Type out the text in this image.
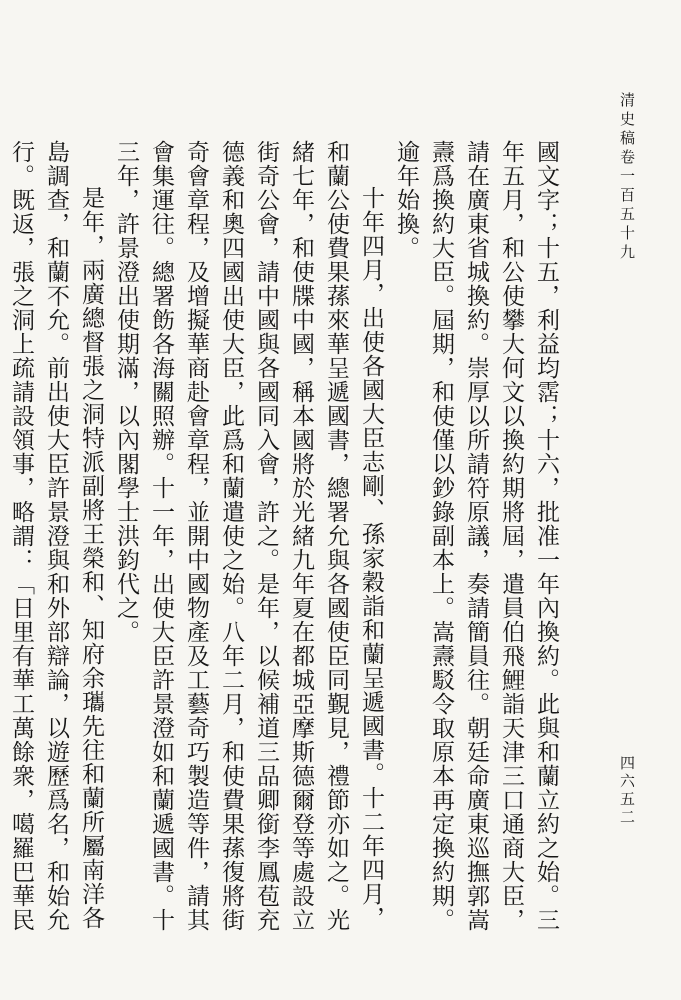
清史稿卷一百五十九

國文字；十五，利益均霑；十六，批准一年內換約。此與和蘭立約之始。三年五月，和公使攀大何文以換約期將屆，遣員伯飛鯉詣天津三口通商大臣，請在廣東省城換約。崇厚以所請符原議，奏請簡員往。朝廷命廣東巡撫郭嵩燾爲換約大臣。屆期，和使僅以鈔錄副本上。嵩燾駁令取原本再定換約期。逾年始換。

十年四月，出使各國大臣志剛、孫家穀詣和蘭呈遞國書。十二年四月，和蘭公使費果蓀來華呈遞國書，總署允與各國使臣同覲見，禮節亦如之。光緒七年，和使牒中國，稱本國將於光緒九年夏在都城亞摩斯德爾登等處設立街奇公會，請中國與各國同入會，許之。是年，以候補道三品卿銜李鳳苞充德義和奧四國出使大臣，此爲和蘭遣使之始。八年二月，和使費果蓀復將街奇會章程，及增擬華商赴會章程，並開中國物產及工藝奇巧製造等件，請其會集運往。總署飭各海關照辦。十一年，出使大臣許景澄如和蘭遞國書。十三年，許景澄出使期滿，以內閣學士洪鈞代之。

是年，兩廣總督張之洞特派副將王榮和、知府余瓗先往和蘭所屬南洋各島調查，和蘭不允。前出使大臣許景澄與和外部辯論，以遊歷爲名，和始允行。既返，張之洞上疏請設領事，略謂：「日里有華工萬餘衆，噶羅巴華民

四六五二
